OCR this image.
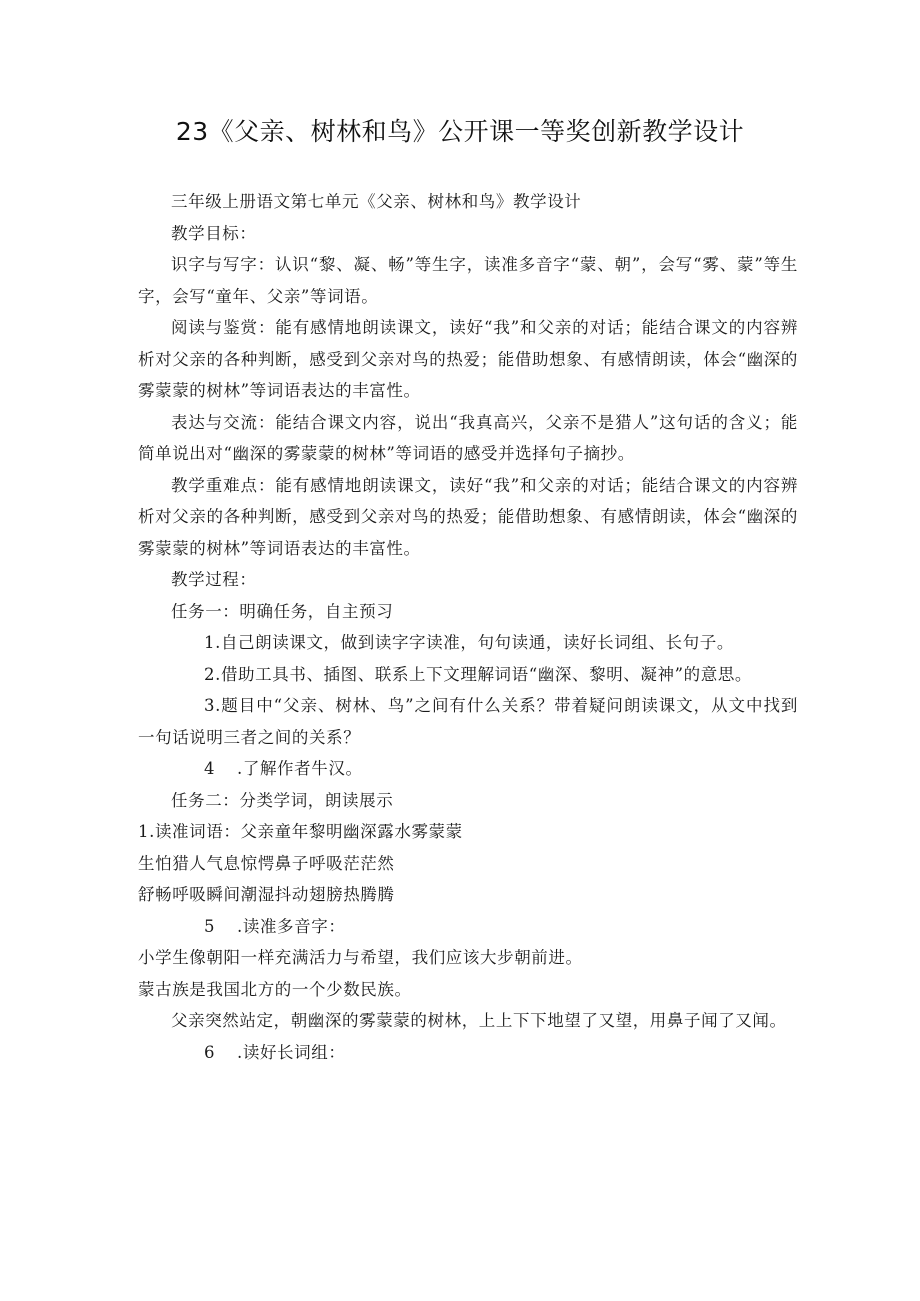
23《父亲、树林和鸟》公开课一等奖创新教学设计

三年级上册语文第七单元《父亲、树林和鸟》教学设计

教学目标：

识字与写字：认识“黎、凝、畅”等生字，读准多音字“蒙、朝”，会写“雾、蒙”等生字，会写“童年、父亲”等词语。

阅读与鉴赏：能有感情地朗读课文，读好“我”和父亲的对话；能结合课文的内容辨析对父亲的各种判断，感受到父亲对鸟的热爱；能借助想象、有感情朗读，体会“幽深的雾蒙蒙的树林”等词语表达的丰富性。

表达与交流：能结合课文内容，说出“我真高兴，父亲不是猎人”这句话的含义；能简单说出对“幽深的雾蒙蒙的树林”等词语的感受并选择句子摘抄。

教学重难点：能有感情地朗读课文，读好“我”和父亲的对话；能结合课文的内容辨析对父亲的各种判断，感受到父亲对鸟的热爱；能借助想象、有感情朗读，体会“幽深的雾蒙蒙的树林”等词语表达的丰富性。

教学过程：

任务一：明确任务，自主预习

1.自己朗读课文，做到读字字读准，句句读通，读好长词组、长句子。

2.借助工具书、插图、联系上下文理解词语“幽深、黎明、凝神”的意思。

3.题目中“父亲、树林、鸟”之间有什么关系？带着疑问朗读课文，从文中找到一句话说明三者之间的关系？

4 .了解作者牛汉。

任务二：分类学词，朗读展示

1.读准词语：父亲童年黎明幽深露水雾蒙蒙

生怕猎人气息惊愕鼻子呼吸茫茫然

舒畅呼吸瞬间潮湿抖动翅膀热腾腾

5 .读准多音字：

小学生像朝阳一样充满活力与希望，我们应该大步朝前进。

蒙古族是我国北方的一个少数民族。

父亲突然站定，朝幽深的雾蒙蒙的树林，上上下下地望了又望，用鼻子闻了又闻。

6 .读好长词组：
